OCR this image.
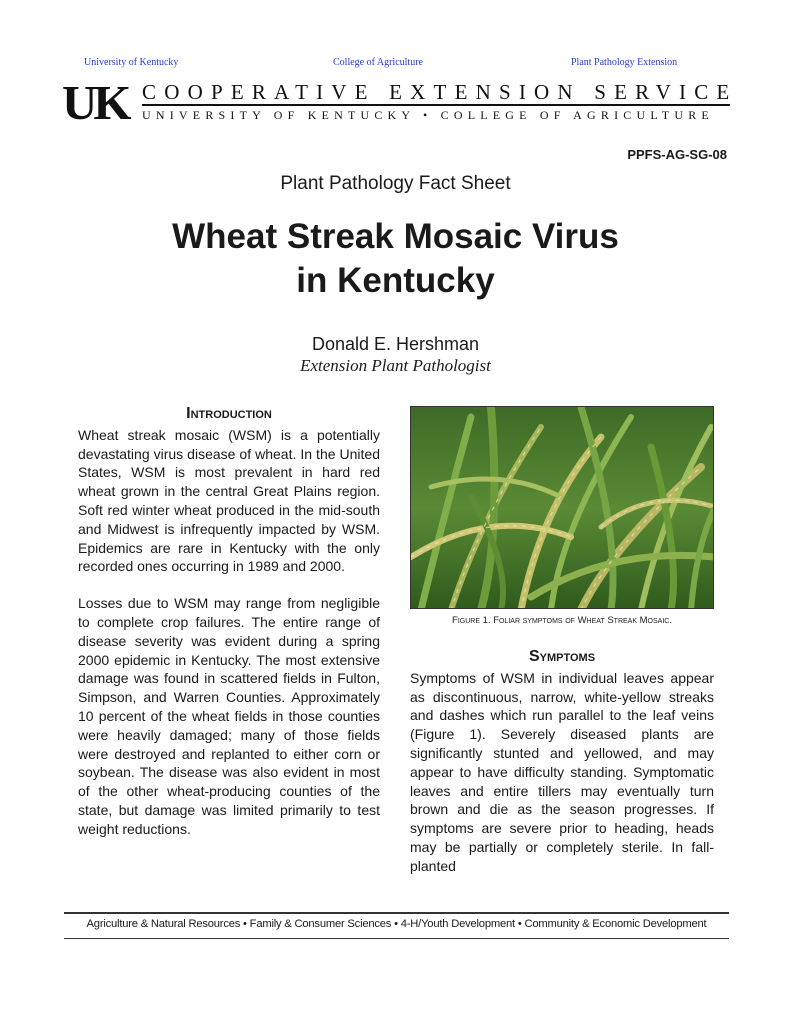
University of Kentucky	College of Agriculture	Plant Pathology Extension
UK COOPERATIVE EXTENSION SERVICE
UNIVERSITY OF KENTUCKY • COLLEGE OF AGRICULTURE
PPFS-AG-SG-08
Plant Pathology Fact Sheet
Wheat Streak Mosaic Virus
in Kentucky
Donald E. Hershman
Extension Plant Pathologist
Introduction

Wheat streak mosaic (WSM) is a potentially devastating virus disease of wheat. In the United States, WSM is most prevalent in hard red wheat grown in the central Great Plains region. Soft red winter wheat produced in the mid-south and Midwest is infrequently impacted by WSM. Epidemics are rare in Kentucky with the only recorded ones occurring in 1989 and 2000.

Losses due to WSM may range from negligible to complete crop failures. The entire range of disease severity was evident during a spring 2000 epidemic in Kentucky. The most extensive damage was found in scattered fields in Fulton, Simpson, and Warren Counties. Approximately 10 percent of the wheat fields in those counties were heavily damaged; many of those fields were destroyed and replanted to either corn or soybean. The disease was also evident in most of the other wheat-producing counties of the state, but damage was limited primarily to test weight reductions.

Figure 1. Foliar symptoms of Wheat Streak Mosaic.
Symptoms

Symptoms of WSM in individual leaves appear as discontinuous, narrow, white-yellow streaks and dashes which run parallel to the leaf veins (Figure 1). Severely diseased plants are significantly stunted and yellowed, and may appear to have difficulty standing. Symptomatic leaves and entire tillers may eventually turn brown and die as the season progresses. If symptoms are severe prior to heading, heads may be partially or completely sterile. In fall-planted

Agriculture & Natural Resources • Family & Consumer Sciences • 4-H/Youth Development • Community & Economic Development
